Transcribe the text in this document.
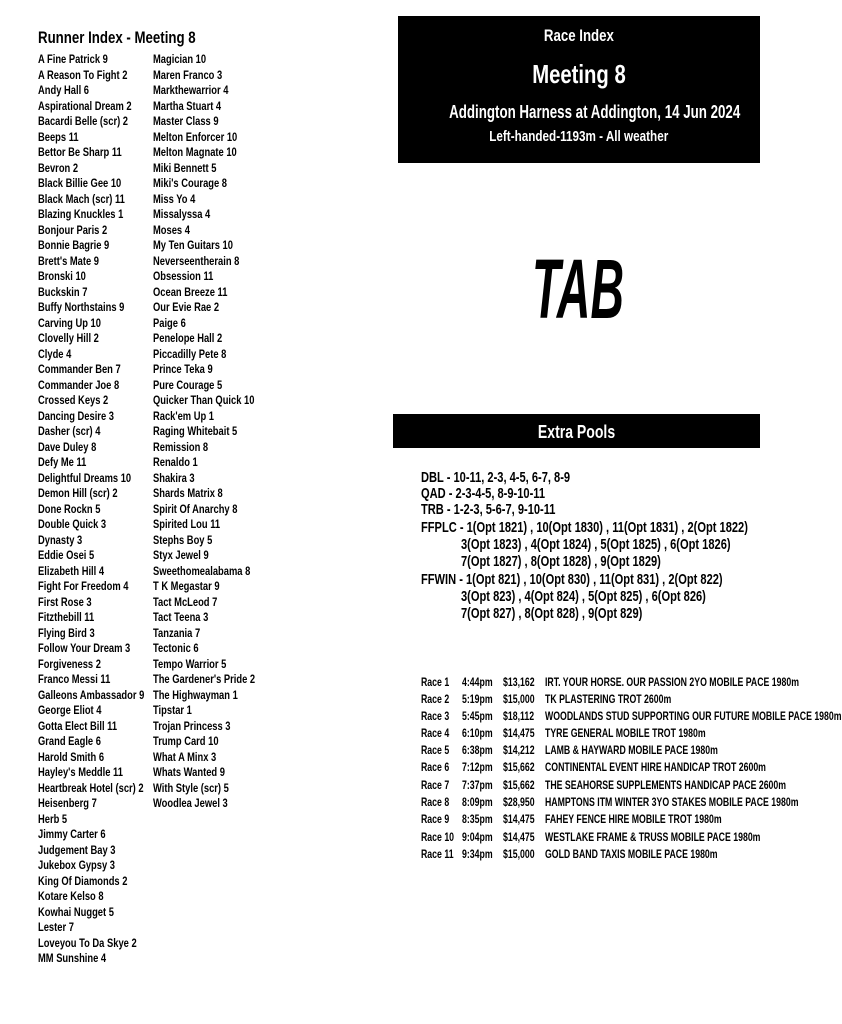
Runner Index - Meeting 8
A Fine Patrick 9
A Reason To Fight 2
Andy Hall 6
Aspirational Dream 2
Bacardi Belle (scr) 2
Beeps 11
Bettor Be Sharp 11
Bevron 2
Black Billie Gee 10
Black Mach (scr) 11
Blazing Knuckles 1
Bonjour Paris 2
Bonnie Bagrie 9
Brett's Mate 9
Bronski 10
Buckskin 7
Buffy Northstains 9
Carving Up 10
Clovelly Hill 2
Clyde 4
Commander Ben 7
Commander Joe 8
Crossed Keys 2
Dancing Desire 3
Dasher (scr) 4
Dave Duley 8
Defy Me 11
Delightful Dreams 10
Demon Hill (scr) 2
Done Rockn 5
Double Quick 3
Dynasty 3
Eddie Osei 5
Elizabeth Hill 4
Fight For Freedom 4
First Rose 3
Fitzthebill 11
Flying Bird 3
Follow Your Dream 3
Forgiveness 2
Franco Messi 11
Galleons Ambassador 9
George Eliot 4
Gotta Elect Bill 11
Grand Eagle 6
Harold Smith 6
Hayley's Meddle 11
Heartbreak Hotel (scr) 2
Heisenberg 7
Herb 5
Jimmy Carter 6
Judgement Bay 3
Jukebox Gypsy 3
King Of Diamonds 2
Kotare Kelso 8
Kowhai Nugget 5
Lester 7
Loveyou To Da Skye 2
MM Sunshine 4
Magician 10
Maren Franco 3
Markthewarrior 4
Martha Stuart 4
Master Class 9
Melton Enforcer 10
Melton Magnate 10
Miki Bennett 5
Miki's Courage 8
Miss Yo 4
Missalyssa 4
Moses 4
My Ten Guitars 10
Neverseentherain 8
Obsession 11
Ocean Breeze 11
Our Evie Rae 2
Paige 6
Penelope Hall 2
Piccadilly Pete 8
Prince Teka 9
Pure Courage 5
Quicker Than Quick 10
Rack'em Up 1
Raging Whitebait 5
Remission 8
Renaldo 1
Shakira 3
Shards Matrix 8
Spirit Of Anarchy 8
Spirited Lou 11
Stephs Boy 5
Styx Jewel 9
Sweethomealabama 8
T K Megastar 9
Tact McLeod 7
Tact Teena 3
Tanzania 7
Tectonic 6
Tempo Warrior 5
The Gardener's Pride 2
The Highwayman 1
Tipstar 1
Trojan Princess 3
Trump Card 10
What A Minx 3
Whats Wanted 9
With Style (scr) 5
Woodlea Jewel 3
Race Index
Meeting 8
Addington Harness at Addington, 14 Jun 2024
Left-handed-1193m - All weather
TAB
Extra Pools
DBL - 10-11, 2-3, 4-5, 6-7, 8-9
QAD - 2-3-4-5, 8-9-10-11
TRB - 1-2-3, 5-6-7, 9-10-11
FFPLC - 1(Opt 1821) , 10(Opt 1830) , 11(Opt 1831) , 2(Opt 1822)
3(Opt 1823) , 4(Opt 1824) , 5(Opt 1825) , 6(Opt 1826)
7(Opt 1827) , 8(Opt 1828) , 9(Opt 1829)
FFWIN - 1(Opt 821) , 10(Opt 830) , 11(Opt 831) , 2(Opt 822)
3(Opt 823) , 4(Opt 824) , 5(Opt 825) , 6(Opt 826)
7(Opt 827) , 8(Opt 828) , 9(Opt 829)
Race 1 4:44pm $13,162 IRT. YOUR HORSE. OUR PASSION 2YO MOBILE PACE 1980m
Race 2 5:19pm $15,000 TK PLASTERING TROT 2600m
Race 3 5:45pm $18,112 WOODLANDS STUD SUPPORTING OUR FUTURE MOBILE PACE 1980m
Race 4 6:10pm $14,475 TYRE GENERAL MOBILE TROT 1980m
Race 5 6:38pm $14,212 LAMB & HAYWARD MOBILE PACE 1980m
Race 6 7:12pm $15,662 CONTINENTAL EVENT HIRE HANDICAP TROT 2600m
Race 7 7:37pm $15,662 THE SEAHORSE SUPPLEMENTS HANDICAP PACE 2600m
Race 8 8:09pm $28,950 HAMPTONS ITM WINTER 3YO STAKES MOBILE PACE 1980m
Race 9 8:35pm $14,475 FAHEY FENCE HIRE MOBILE TROT 1980m
Race 10 9:04pm $14,475 WESTLAKE FRAME & TRUSS MOBILE PACE 1980m
Race 11 9:34pm $15,000 GOLD BAND TAXIS MOBILE PACE 1980m
